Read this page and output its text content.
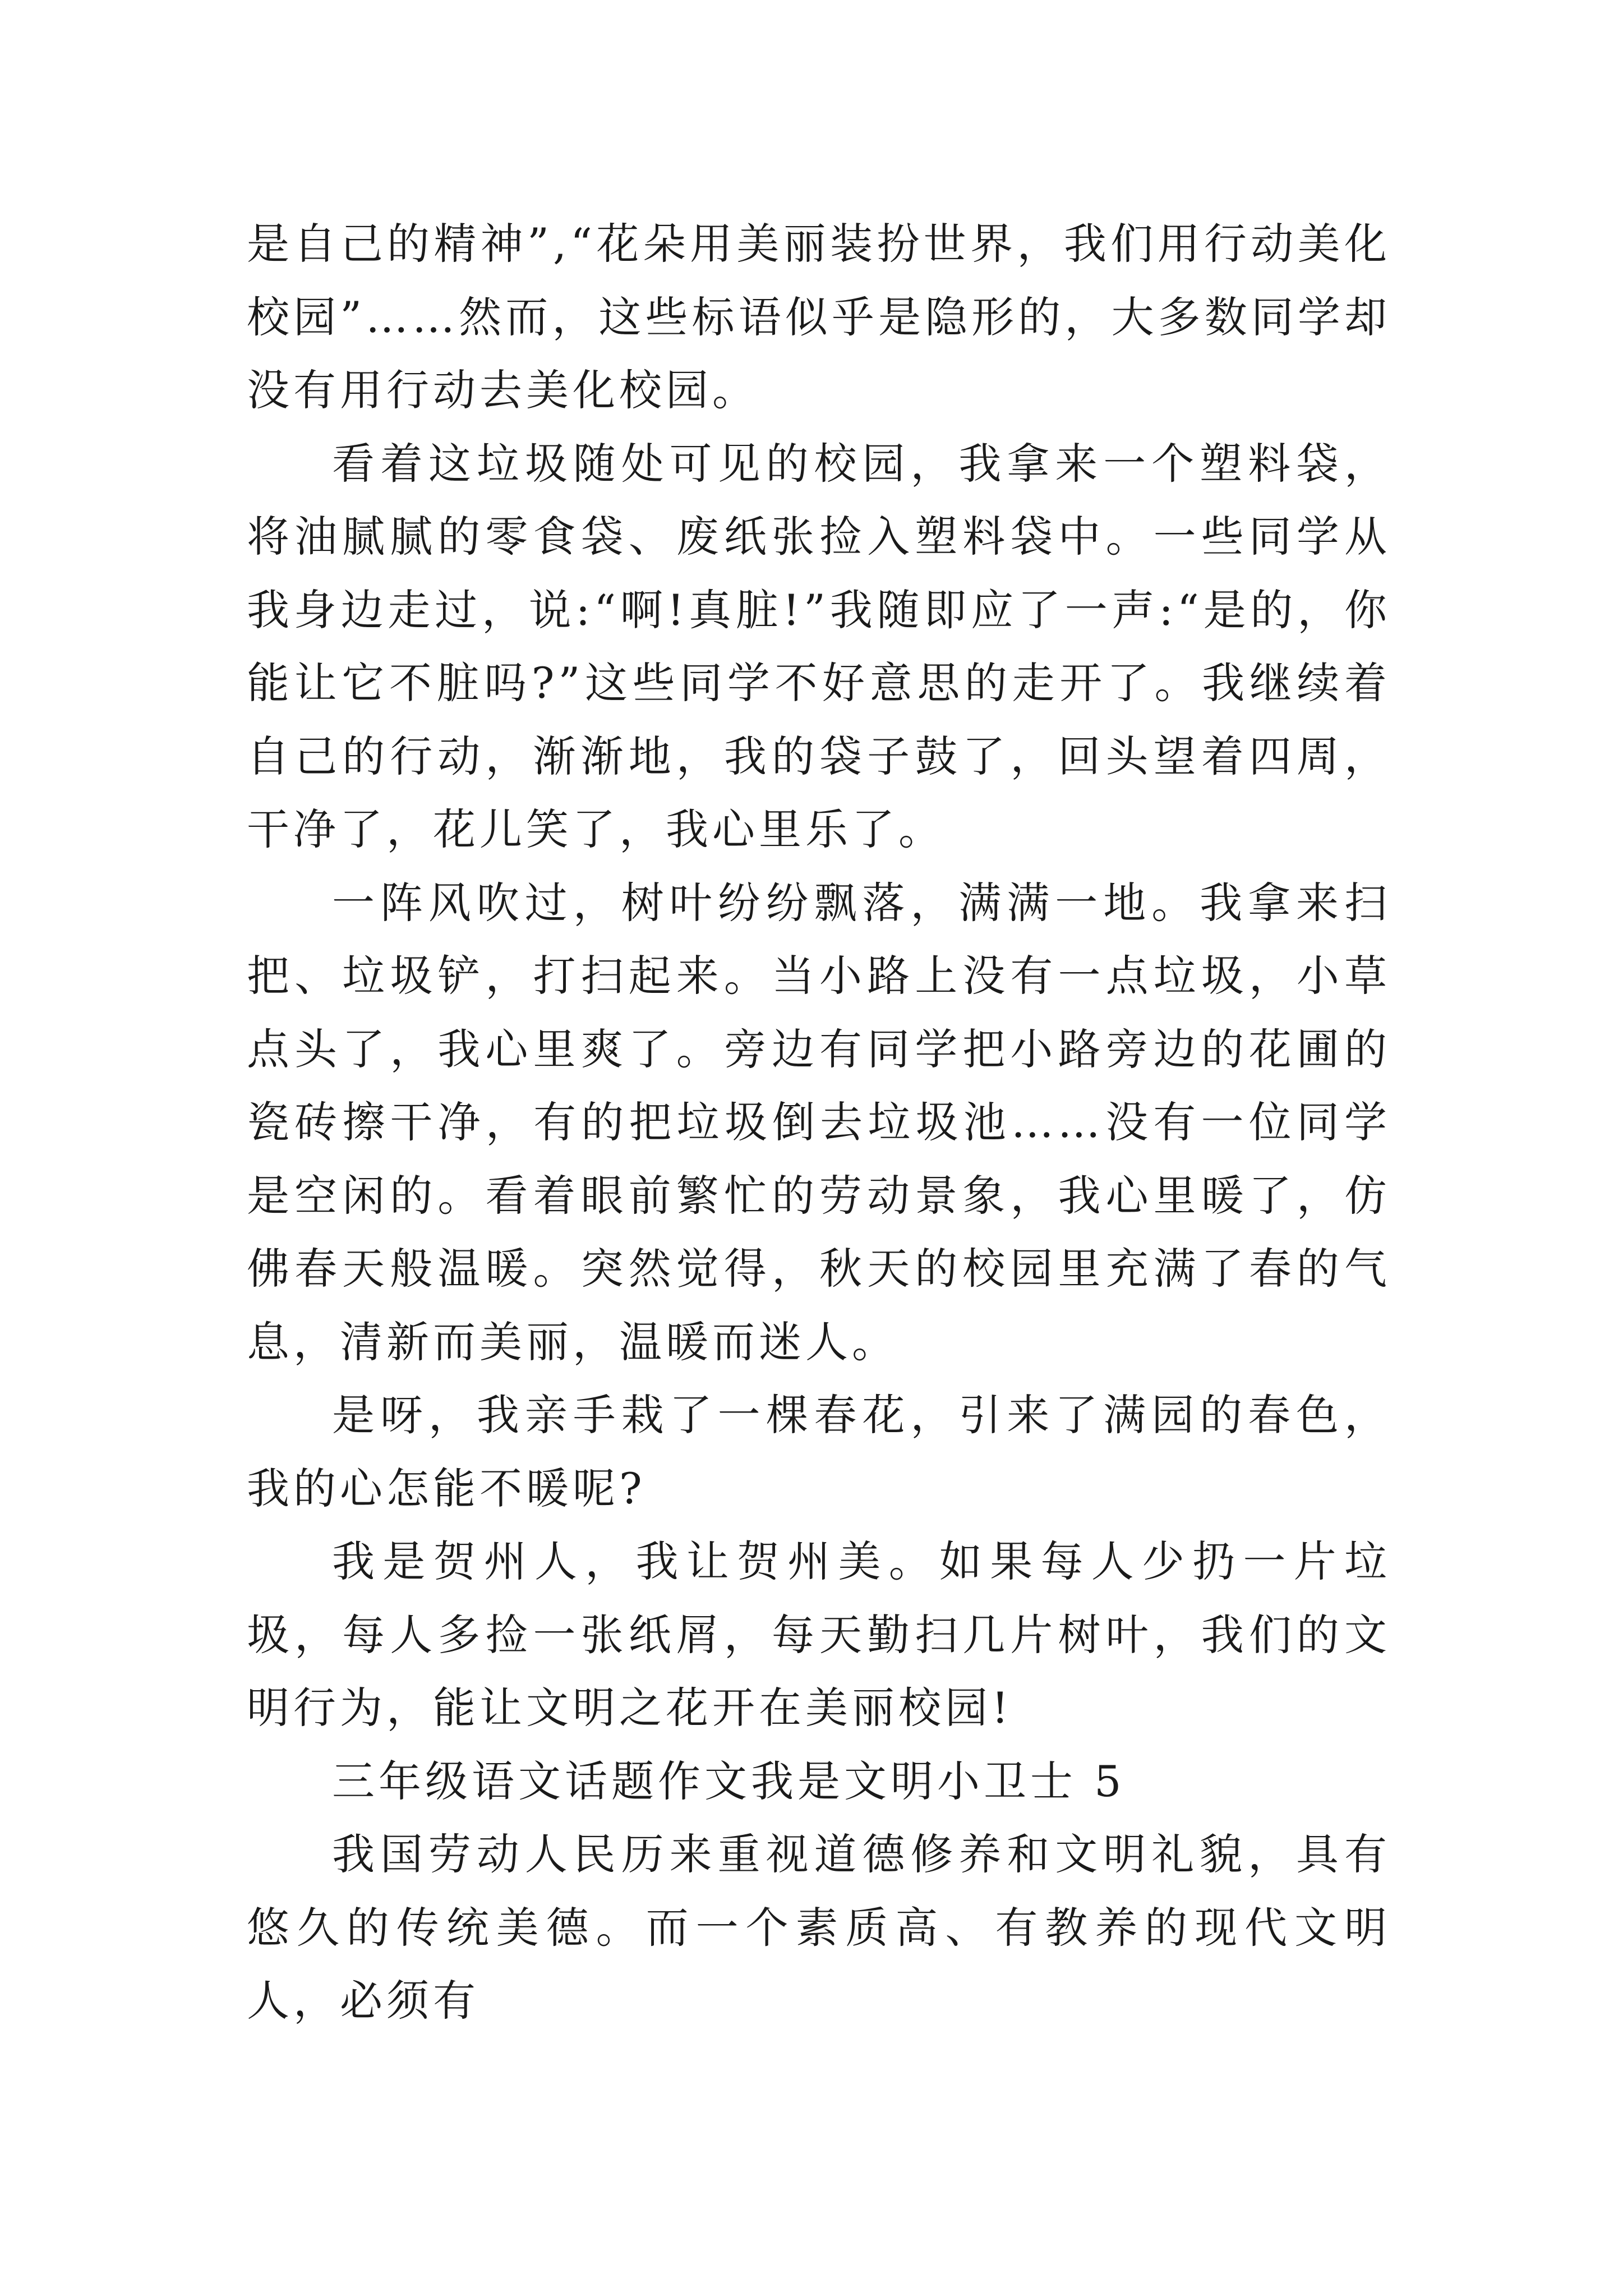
是自己的精神”,“花朵用美丽装扮世界，我们用行动美化校园”……然而，这些标语似乎是隐形的，大多数同学却没有用行动去美化校园。

看着这垃圾随处可见的校园，我拿来一个塑料袋，将油腻腻的零食袋、废纸张捡入塑料袋中。一些同学从我身边走过，说:“啊!真脏!”我随即应了一声:“是的，你能让它不脏吗?”这些同学不好意思的走开了。我继续着自己的行动，渐渐地，我的袋子鼓了，回头望着四周，干净了，花儿笑了，我心里乐了。

一阵风吹过，树叶纷纷飘落，满满一地。我拿来扫把、垃圾铲，打扫起来。当小路上没有一点垃圾，小草点头了，我心里爽了。旁边有同学把小路旁边的花圃的瓷砖擦干净，有的把垃圾倒去垃圾池……没有一位同学是空闲的。看着眼前繁忙的劳动景象，我心里暖了，仿佛春天般温暖。突然觉得，秋天的校园里充满了春的气息，清新而美丽，温暖而迷人。

是呀，我亲手栽了一棵春花，引来了满园的春色，我的心怎能不暖呢?

我是贺州人，我让贺州美。如果每人少扔一片垃圾，每人多捡一张纸屑，每天勤扫几片树叶，我们的文明行为，能让文明之花开在美丽校园!

三年级语文话题作文我是文明小卫士 5

我国劳动人民历来重视道德修养和文明礼貌，具有悠久的传统美德。而一个素质高、有教养的现代文明人，必须有
